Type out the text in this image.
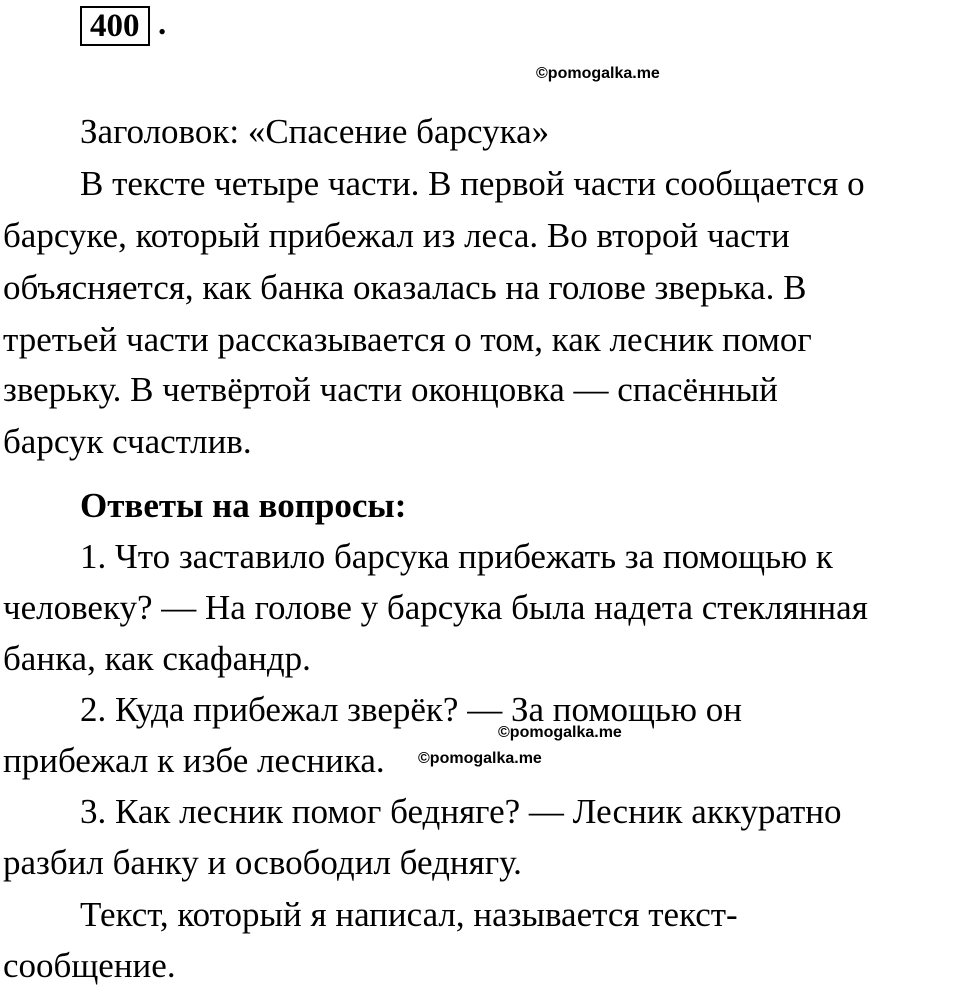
400 .
©pomogalka.me
Заголовок: «Спасение барсука»
В тексте четыре части. В первой части сообщается о
барсуке, который прибежал из леса. Во второй части
объясняется, как банка оказалась на голове зверька. В
третьей части рассказывается о том, как лесник помог
зверьку. В четвёртой части оконцовка — спасённый
барсук счастлив.
Ответы на вопросы:
1. Что заставило барсука прибежать за помощью к
человеку? — На голове у барсука была надета стеклянная
банка, как скафандр.
2. Куда прибежал зверёк? — За помощью он
прибежал к избе лесника.
3. Как лесник помог бедняге? — Лесник аккуратно
разбил банку и освободил беднягу.
Текст, который я написал, называется текст-
сообщение.
©pomogalka.me
©pomogalka.me
